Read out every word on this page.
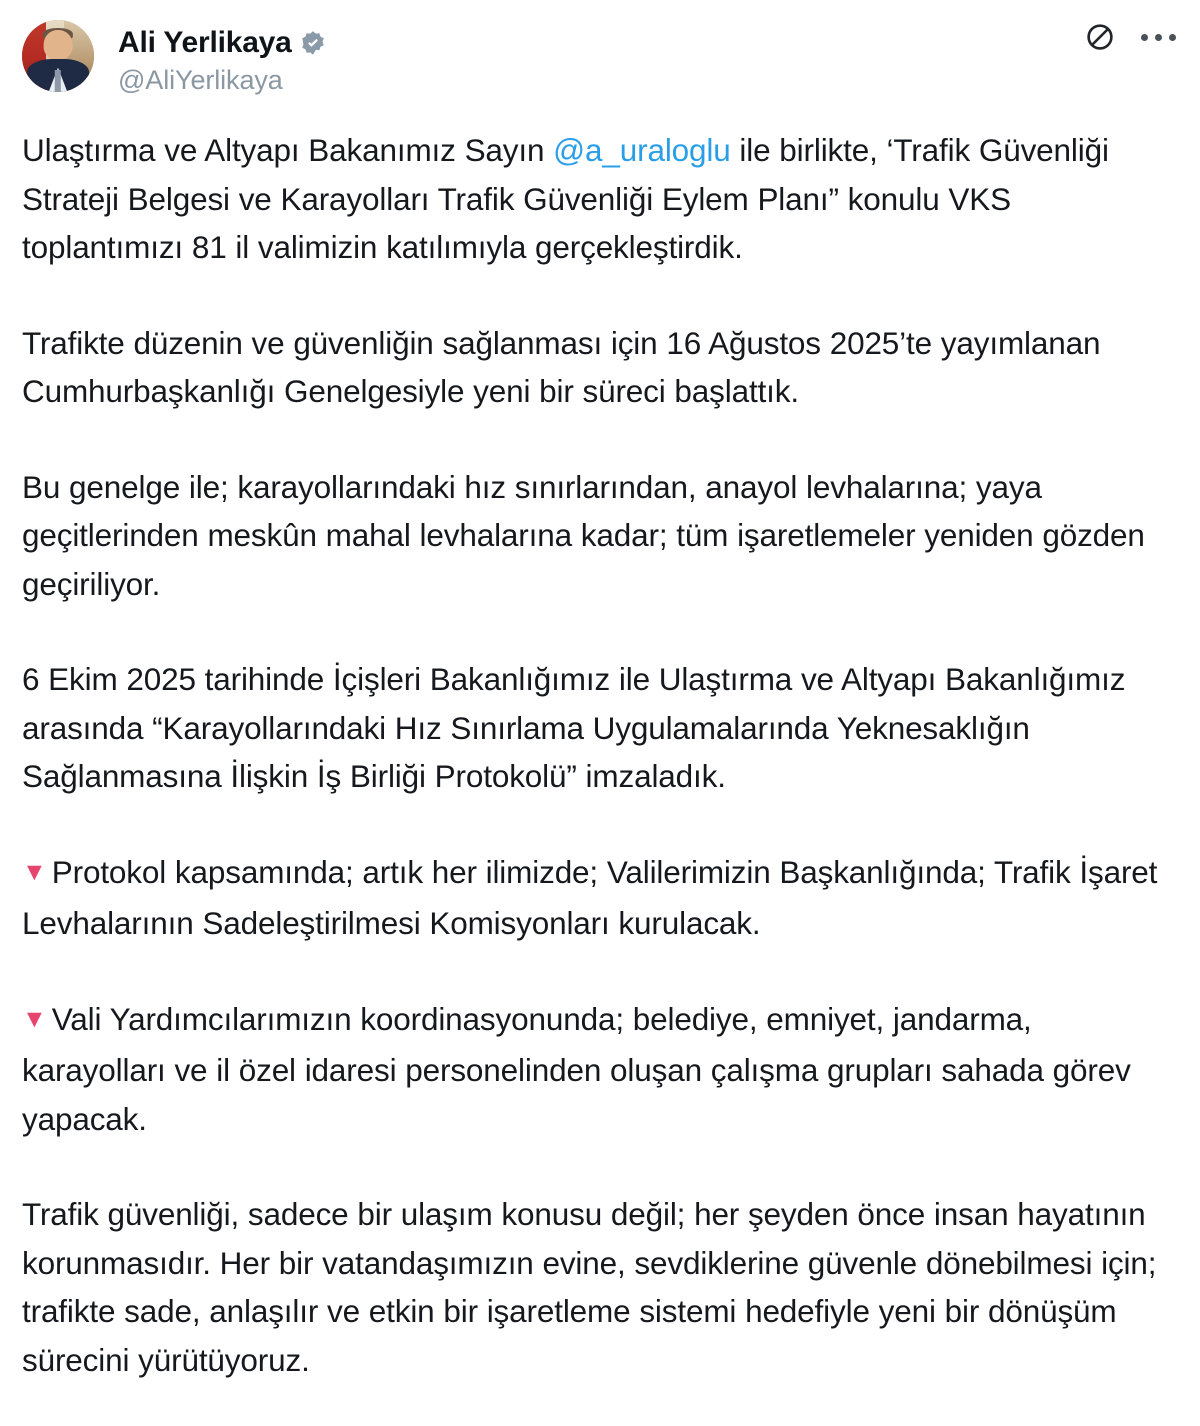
Ali Yerlikaya
@AliYerlikaya

Ulaştırma ve Altyapı Bakanımız Sayın @a_uraloglu ile birlikte, ‘Trafik Güvenliği Strateji Belgesi ve Karayolları Trafik Güvenliği Eylem Planı” konulu VKS toplantımızı 81 il valimizin katılımıyla gerçekleştirdik.

Trafikte düzenin ve güvenliğin sağlanması için 16 Ağustos 2025’te yayımlanan Cumhurbaşkanlığı Genelgesiyle yeni bir süreci başlattık.

Bu genelge ile; karayollarındaki hız sınırlarından, anayol levhalarına; yaya geçitlerinden meskûn mahal levhalarına kadar; tüm işaretlemeler yeniden gözden geçiriliyor.

6 Ekim 2025 tarihinde İçişleri Bakanlığımız ile Ulaştırma ve Altyapı Bakanlığımız arasında “Karayollarındaki Hız Sınırlama Uygulamalarında Yeknesaklığın Sağlanmasına İlişkin İş Birliği Protokolü” imzaladık.

▼ Protokol kapsamında; artık her ilimizde; Valilerimizin Başkanlığında; Trafik İşaret Levhalarının Sadeleştirilmesi Komisyonları kurulacak.

▼ Vali Yardımcılarımızın koordinasyonunda; belediye, emniyet, jandarma, karayolları ve il özel idaresi personelinden oluşan çalışma grupları sahada görev yapacak.

Trafik güvenliği, sadece bir ulaşım konusu değil; her şeyden önce insan hayatının korunmasıdır. Her bir vatandaşımızın evine, sevdiklerine güvenle dönebilmesi için; trafikte sade, anlaşılır ve etkin bir işaretleme sistemi hedefiyle yeni bir dönüşüm sürecini yürütüyoruz.
